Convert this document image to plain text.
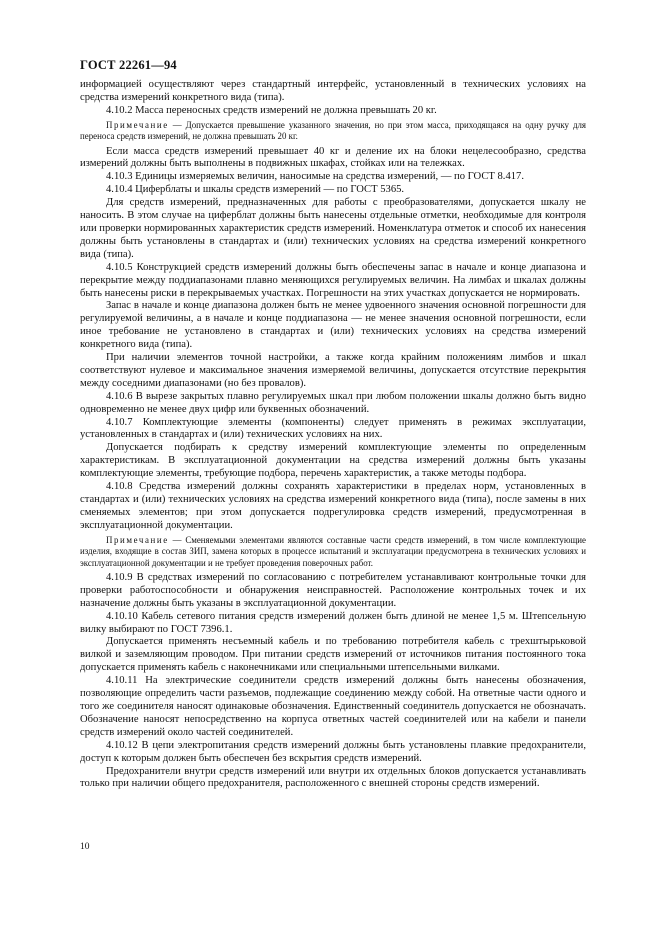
ГОСТ 22261—94

информацией осуществляют через стандартный интерфейс, установленный в технических условиях на средства измерений конкретного вида (типа).

4.10.2 Масса переносных средств измерений не должна превышать 20 кг.

Примечание — Допускается превышение указанного значения, но при этом масса, приходящаяся на одну ручку для переноса средств измерений, не должна превышать 20 кг.

Если масса средств измерений превышает 40 кг и деление их на блоки нецелесообразно, средства измерений должны быть выполнены в подвижных шкафах, стойках или на тележках.

4.10.3 Единицы измеряемых величин, наносимые на средства измерений, — по ГОСТ 8.417.

4.10.4 Циферблаты и шкалы средств измерений — по ГОСТ 5365.

Для средств измерений, предназначенных для работы с преобразователями, допускается шкалу не наносить. В этом случае на циферблат должны быть нанесены отдельные отметки, необходимые для контроля или проверки нормированных характеристик средств измерений. Номенклатура отметок и способ их нанесения должны быть установлены в стандартах и (или) технических условиях на средства измерений конкретного вида (типа).

4.10.5 Конструкцией средств измерений должны быть обеспечены запас в начале и конце диапазона и перекрытие между поддиапазонами плавно меняющихся регулируемых величин. На лимбах и шкалах должны быть нанесены риски в перекрываемых участках. Погрешности на этих участках допускается не нормировать.

Запас в начале и конце диапазона должен быть не менее удвоенного значения основной погрешности для регулируемой величины, а в начале и конце поддиапазона — не менее значения основной погрешности, если иное требование не установлено в стандартах и (или) технических условиях на средства измерений конкретного вида (типа).

При наличии элементов точной настройки, а также когда крайним положениям лимбов и шкал соответствуют нулевое и максимальное значения измеряемой величины, допускается отсутствие перекрытия между соседними диапазонами (но без провалов).

4.10.6 В вырезе закрытых плавно регулируемых шкал при любом положении шкалы должно быть видно одновременно не менее двух цифр или буквенных обозначений.

4.10.7 Комплектующие элементы (компоненты) следует применять в режимах эксплуатации, установленных в стандартах и (или) технических условиях на них.

Допускается подбирать к средству измерений комплектующие элементы по определенным характеристикам. В эксплуатационной документации на средства измерений должны быть указаны комплектующие элементы, требующие подбора, перечень характеристик, а также методы подбора.

4.10.8 Средства измерений должны сохранять характеристики в пределах норм, установленных в стандартах и (или) технических условиях на средства измерений конкретного вида (типа), после замены в них сменяемых элементов; при этом допускается подрегулировка средств измерений, предусмотренная в эксплуатационной документации.

Примечание — Сменяемыми элементами являются составные части средств измерений, в том числе комплектующие изделия, входящие в состав ЗИП, замена которых в процессе испытаний и эксплуатации предусмотрена в технических условиях и эксплуатационной документации и не требует проведения поверочных работ.

4.10.9 В средствах измерений по согласованию с потребителем устанавливают контрольные точки для проверки работоспособности и обнаружения неисправностей. Расположение контрольных точек и их назначение должны быть указаны в эксплуатационной документации.

4.10.10 Кабель сетевого питания средств измерений должен быть длиной не менее 1,5 м. Штепсельную вилку выбирают по ГОСТ 7396.1.

Допускается применять несъемный кабель и по требованию потребителя кабель с трехштырьковой вилкой и заземляющим проводом. При питании средств измерений от источников питания постоянного тока допускается применять кабель с наконечниками или специальными штепсельными вилками.

4.10.11 На электрические соединители средств измерений должны быть нанесены обозначения, позволяющие определить части разъемов, подлежащие соединению между собой. На ответные части одного и того же соединителя наносят одинаковые обозначения. Единственный соединитель допускается не обозначать. Обозначение наносят непосредственно на корпуса ответных частей соединителей или на кабели и панели средств измерений около частей соединителей.

4.10.12 В цепи электропитания средств измерений должны быть установлены плавкие предохранители, доступ к которым должен быть обеспечен без вскрытия средств измерений.

Предохранители внутри средств измерений или внутри их отдельных блоков допускается устанавливать только при наличии общего предохранителя, расположенного с внешней стороны средств измерений.

10
